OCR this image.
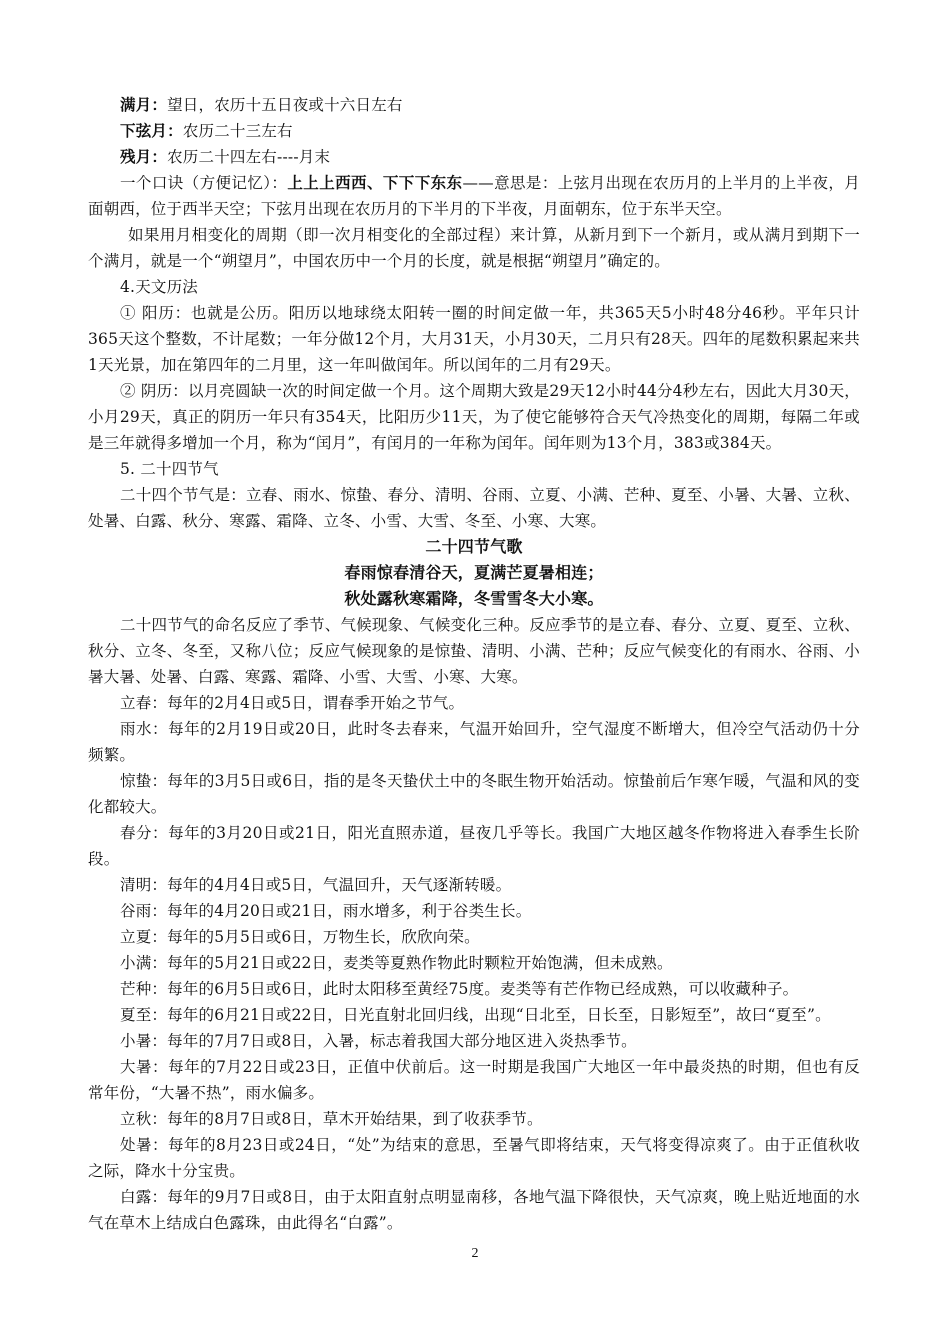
满月：望日，农历十五日夜或十六日左右

下弦月：农历二十三左右

残月：农历二十四左右----月末

一个口诀（方便记忆）：上上上西西、下下下东东——意思是：上弦月出现在农历月的上半月的上半夜，月面朝西，位于西半天空；下弦月出现在农历月的下半月的下半夜，月面朝东，位于东半天空。

如果用月相变化的周期（即一次月相变化的全部过程）来计算，从新月到下一个新月，或从满月到期下一个满月，就是一个“朔望月”，中国农历中一个月的长度，就是根据“朔望月”确定的。

4.天文历法

① 阳历：也就是公历。阳历以地球绕太阳转一圈的时间定做一年，共365天5小时48分46秒。平年只计365天这个整数，不计尾数；一年分做12个月，大月31天，小月30天，二月只有28天。四年的尾数积累起来共1天光景，加在第四年的二月里，这一年叫做闰年。所以闰年的二月有29天。

② 阴历：以月亮圆缺一次的时间定做一个月。这个周期大致是29天12小时44分4秒左右，因此大月30天，小月29天，真正的阴历一年只有354天，比阳历少11天，为了使它能够符合天气冷热变化的周期，每隔二年或是三年就得多增加一个月，称为“闰月”，有闰月的一年称为闰年。闰年则为13个月，383或384天。

5. 二十四节气

二十四个节气是：立春、雨水、惊蛰、春分、清明、谷雨、立夏、小满、芒种、夏至、小暑、大暑、立秋、处暑、白露、秋分、寒露、霜降、立冬、小雪、大雪、冬至、小寒、大寒。

二十四节气歌

春雨惊春清谷天，夏满芒夏暑相连；

秋处露秋寒霜降，冬雪雪冬大小寒。

二十四节气的命名反应了季节、气候现象、气候变化三种。反应季节的是立春、春分、立夏、夏至、立秋、秋分、立冬、冬至，又称八位；反应气候现象的是惊蛰、清明、小满、芒种；反应气候变化的有雨水、谷雨、小暑大暑、处暑、白露、寒露、霜降、小雪、大雪、小寒、大寒。

立春：每年的2月4日或5日，谓春季开始之节气。

雨水：每年的2月19日或20日，此时冬去春来，气温开始回升，空气湿度不断增大，但冷空气活动仍十分频繁。

惊蛰：每年的3月5日或6日，指的是冬天蛰伏土中的冬眠生物开始活动。惊蛰前后乍寒乍暖，气温和风的变化都较大。

春分：每年的3月20日或21日，阳光直照赤道，昼夜几乎等长。我国广大地区越冬作物将进入春季生长阶段。

清明：每年的4月4日或5日，气温回升，天气逐渐转暖。

谷雨：每年的4月20日或21日，雨水增多，利于谷类生长。

立夏：每年的5月5日或6日，万物生长，欣欣向荣。

小满：每年的5月21日或22日，麦类等夏熟作物此时颗粒开始饱满，但未成熟。

芒种：每年的6月5日或6日，此时太阳移至黄经75度。麦类等有芒作物已经成熟，可以收藏种子。

夏至：每年的6月21日或22日，日光直射北回归线，出现“日北至，日长至，日影短至”，故曰“夏至”。

小暑：每年的7月7日或8日，入暑，标志着我国大部分地区进入炎热季节。

大暑：每年的7月22日或23日，正值中伏前后。这一时期是我国广大地区一年中最炎热的时期，但也有反常年份，“大暑不热”，雨水偏多。

立秋：每年的8月7日或8日，草木开始结果，到了收获季节。

处暑：每年的8月23日或24日，“处”为结束的意思，至暑气即将结束，天气将变得凉爽了。由于正值秋收之际，降水十分宝贵。

白露：每年的9月7日或8日，由于太阳直射点明显南移，各地气温下降很快，天气凉爽，晚上贴近地面的水气在草木上结成白色露珠，由此得名“白露”。

2
